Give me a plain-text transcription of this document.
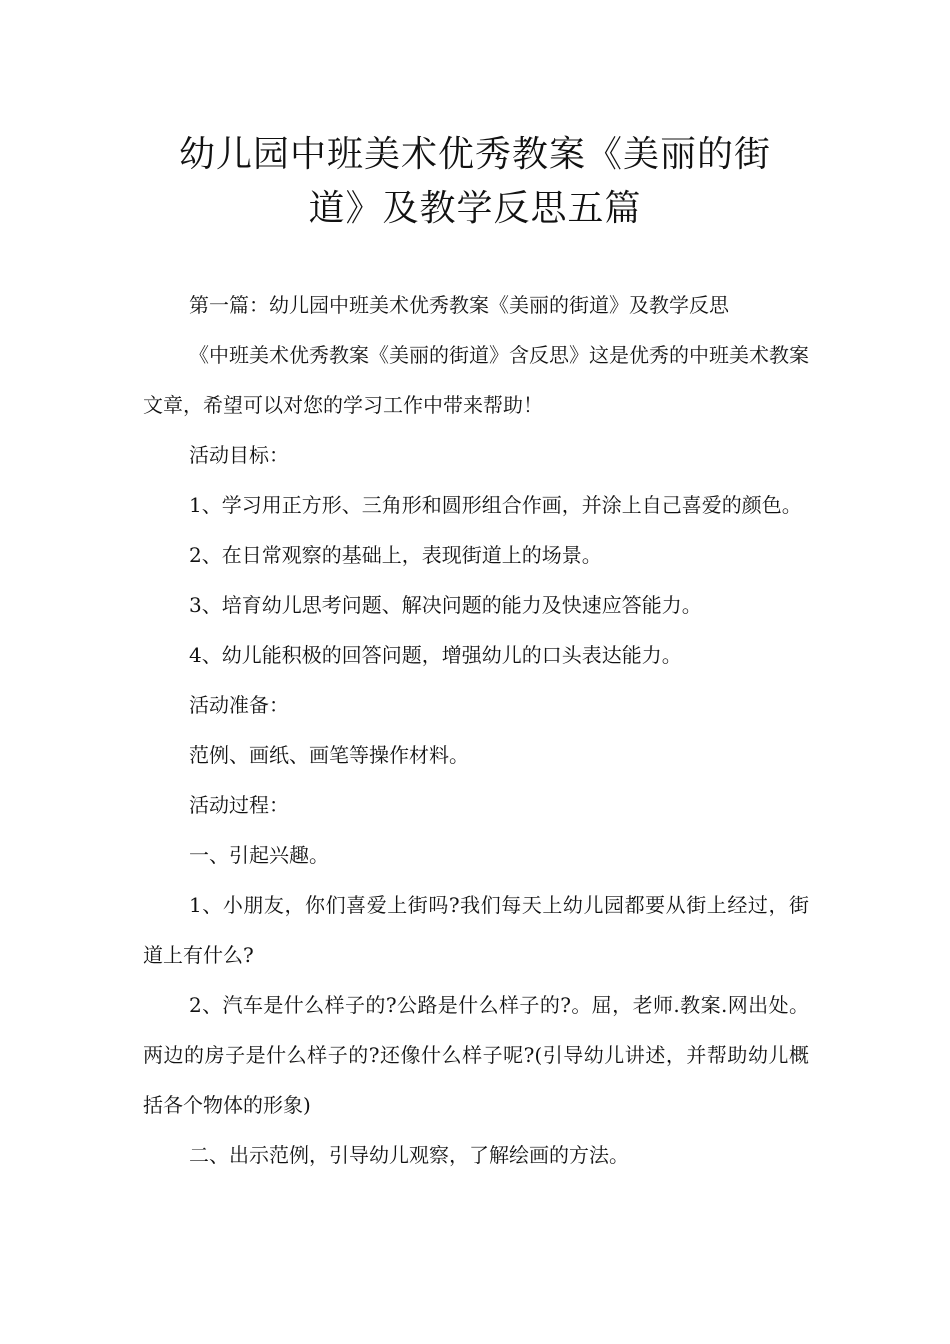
幼儿园中班美术优秀教案《美丽的街
道》及教学反思五篇

第一篇：幼儿园中班美术优秀教案《美丽的街道》及教学反思

《中班美术优秀教案《美丽的街道》含反思》这是优秀的中班美术教案文章，希望可以对您的学习工作中带来帮助！

活动目标：

1、学习用正方形、三角形和圆形组合作画，并涂上自己喜爱的颜色。

2、在日常观察的基础上，表现街道上的场景。

3、培育幼儿思考问题、解决问题的能力及快速应答能力。

4、幼儿能积极的回答问题，增强幼儿的口头表达能力。

活动准备：

范例、画纸、画笔等操作材料。

活动过程：

一、引起兴趣。

1、小朋友，你们喜爱上街吗?我们每天上幼儿园都要从街上经过，街道上有什么?

2、汽车是什么样子的?公路是什么样子的?。屈，老师.教案.网出处。两边的房子是什么样子的?还像什么样子呢?(引导幼儿讲述，并帮助幼儿概括各个物体的形象)

二、出示范例，引导幼儿观察，了解绘画的方法。
